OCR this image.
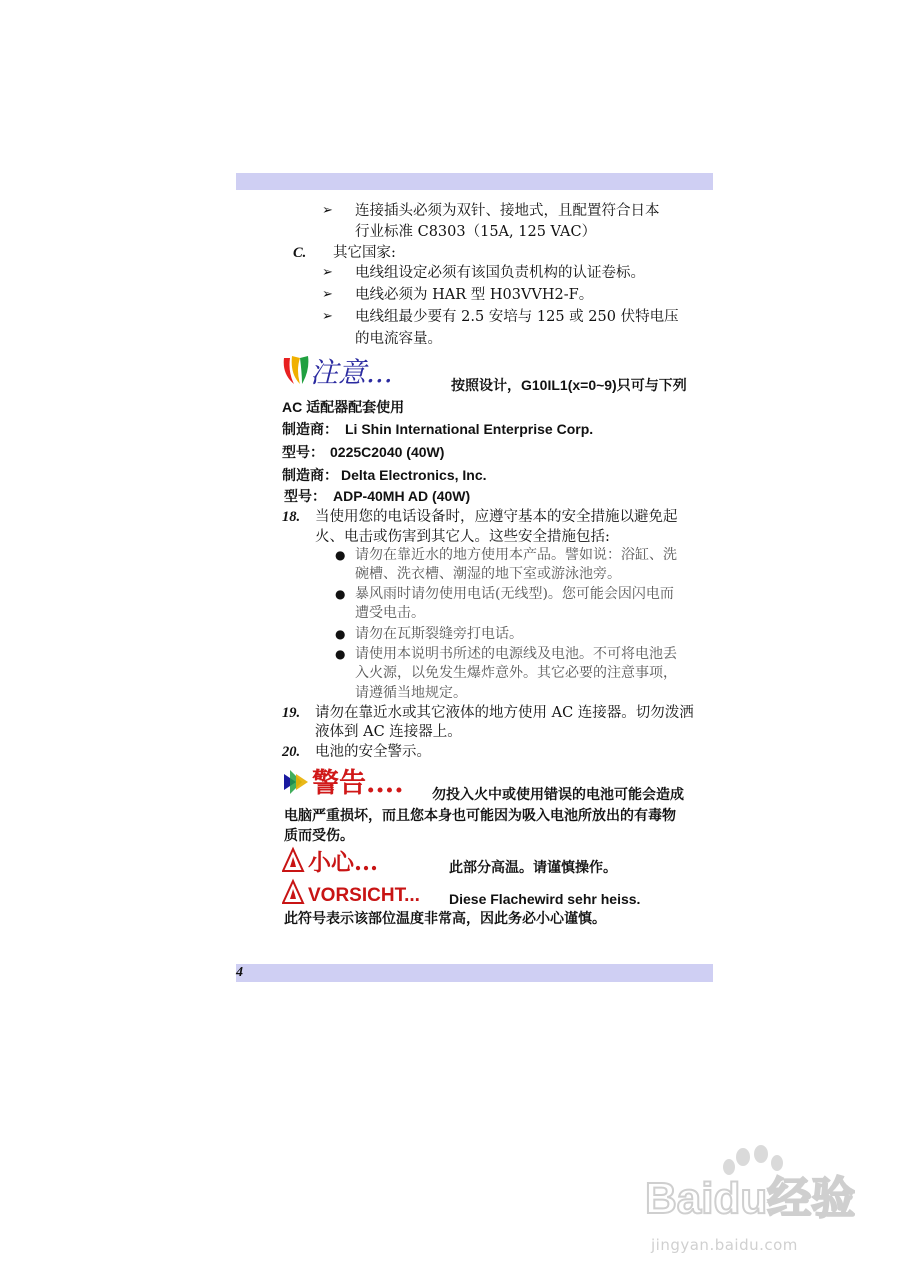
➢ 连接插头必须为双针、接地式，且配置符合日本
行业标准 C8303（15A, 125 VAC）
C. 其它国家:
➢ 电线组设定必须有该国负责机构的认证卷标。
➢ 电线必须为 HAR 型 H03VVH2-F。
➢ 电线组最少要有 2.5 安培与 125 或 250 伏特电压
的电流容量。
注意...	按照设计，G10IL1(x=0~9)只可与下列
AC 适配器配套使用
制造商： Li Shin International Enterprise Corp.
型号： 0225C2040 (40W)
制造商： Delta Electronics, Inc.
型号： ADP-40MH AD (40W)
18. 当使用您的电话设备时，应遵守基本的安全措施以避免起
火、电击或伤害到其它人。这些安全措施包括:
● 请勿在靠近水的地方使用本产品。譬如说：浴缸、洗
碗槽、洗衣槽、潮湿的地下室或游泳池旁。
● 暴风雨时请勿使用电话(无线型)。您可能会因闪电而
遭受电击。
● 请勿在瓦斯裂缝旁打电话。
● 请使用本说明书所述的电源线及电池。不可将电池丢
入火源，以免发生爆炸意外。其它必要的注意事项，
请遵循当地规定。
19. 请勿在靠近水或其它液体的地方使用 AC 连接器。切勿泼洒
液体到 AC 连接器上。
20. 电池的安全警示。
警告.... 勿投入火中或使用错误的电池可能会造成
电脑严重损坏，而且您本身也可能因为吸入电池所放出的有毒物
质而受伤。
小心...	此部分高温。请谨慎操作。
VORSICHT... Diese Flachewird sehr heiss.
此符号表示该部位温度非常高，因此务必小心谨慎。
4
Baidu经验
jingyan.baidu.com
